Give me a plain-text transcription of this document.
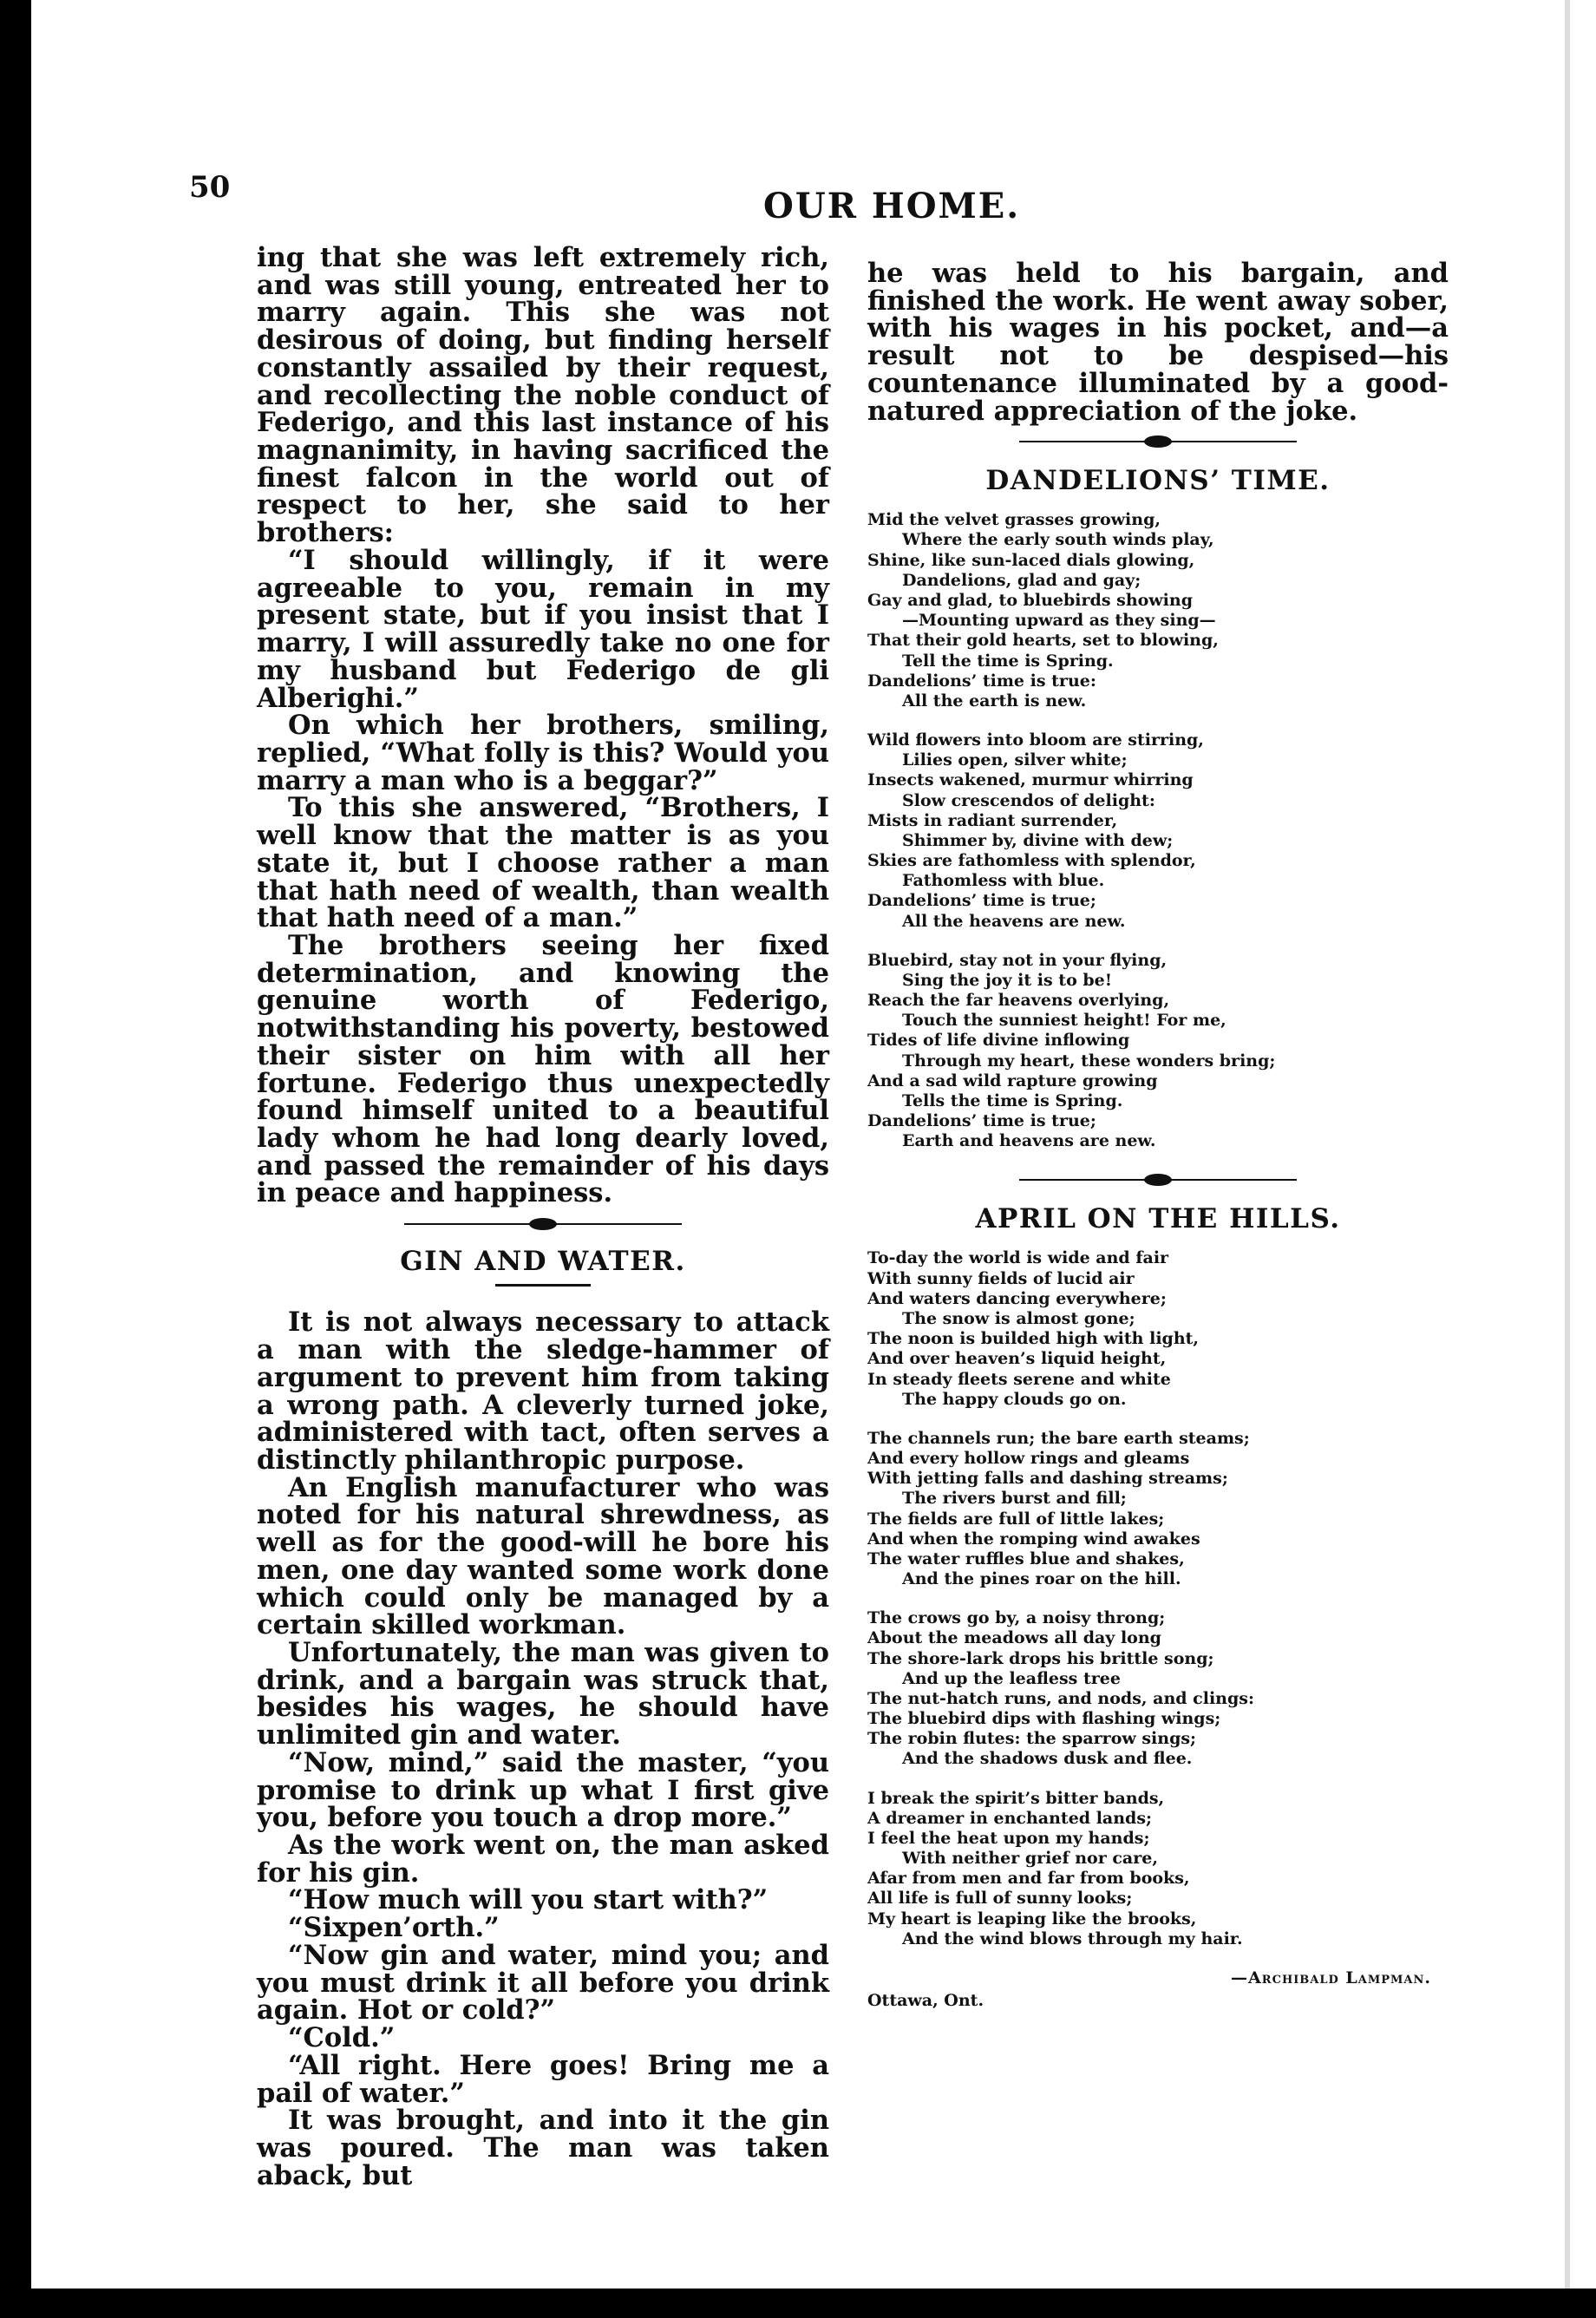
50	OUR HOME.

ing that she was left extremely rich, and was still young, entreated her to marry again. This she was not desirous of doing, but finding herself constantly assailed by their request, and recollecting the noble conduct of Federigo, and this last instance of his magnanimity, in having sacrificed the finest falcon in the world out of respect to her, she said to her brothers:

“I should willingly, if it were agreeable to you, remain in my present state, but if you insist that I marry, I will assuredly take no one for my husband but Federigo de gli Alberighi.”

On which her brothers, smiling, replied, “What folly is this? Would you marry a man who is a beggar?”

To this she answered, “Brothers, I well know that the matter is as you state it, but I choose rather a man that hath need of wealth, than wealth that hath need of a man.”

The brothers seeing her fixed determination, and knowing the genuine worth of Federigo, notwithstanding his poverty, bestowed their sister on him with all her fortune. Federigo thus unexpectedly found himself united to a beautiful lady whom he had long dearly loved, and passed the remainder of his days in peace and happiness.

GIN AND WATER.

It is not always necessary to attack a man with the sledge-hammer of argument to prevent him from taking a wrong path. A cleverly turned joke, administered with tact, often serves a distinctly philanthropic purpose.

An English manufacturer who was noted for his natural shrewdness, as well as for the good-will he bore his men, one day wanted some work done which could only be managed by a certain skilled workman.

Unfortunately, the man was given to drink, and a bargain was struck that, besides his wages, he should have unlimited gin and water.

“Now, mind,” said the master, “you promise to drink up what I first give you, before you touch a drop more.”

As the work went on, the man asked for his gin.

“How much will you start with?”

“Sixpen’orth.”

“Now gin and water, mind you; and you must drink it all before you drink again. Hot or cold?”

“Cold.”

“All right. Here goes! Bring me a pail of water.”

It was brought, and into it the gin was poured. The man was taken aback, but

he was held to his bargain, and finished the work. He went away sober, with his wages in his pocket, and—a result not to be despised—his countenance illuminated by a good-natured appreciation of the joke.

DANDELIONS’ TIME.
Mid the velvet grasses growing,
Where the early south winds play,
Shine, like sun-laced dials glowing,
Dandelions, glad and gay;
Gay and glad, to bluebirds showing
—Mounting upward as they sing—
That their gold hearts, set to blowing,
Tell the time is Spring.
Dandelions’ time is true:
All the earth is new.
Wild flowers into bloom are stirring,
Lilies open, silver white;
Insects wakened, murmur whirring
Slow crescendos of delight:
Mists in radiant surrender,
Shimmer by, divine with dew;
Skies are fathomless with splendor,
Fathomless with blue.
Dandelions’ time is true;
All the heavens are new.
Bluebird, stay not in your flying,
Sing the joy it is to be!
Reach the far heavens overlying,
Touch the sunniest height! For me,
Tides of life divine inflowing
Through my heart, these wonders bring;
And a sad wild rapture growing
Tells the time is Spring.
Dandelions’ time is true;
Earth and heavens are new.
APRIL ON THE HILLS.
To-day the world is wide and fair
With sunny fields of lucid air
And waters dancing everywhere;
The snow is almost gone;
The noon is builded high with light,
And over heaven’s liquid height,
In steady fleets serene and white
The happy clouds go on.
The channels run; the bare earth steams;
And every hollow rings and gleams
With jetting falls and dashing streams;
The rivers burst and fill;
The fields are full of little lakes;
And when the romping wind awakes
The water ruffles blue and shakes,
And the pines roar on the hill.
The crows go by, a noisy throng;
About the meadows all day long
The shore-lark drops his brittle song;
And up the leafless tree
The nut-hatch runs, and nods, and clings:
The bluebird dips with flashing wings;
The robin flutes: the sparrow sings;
And the shadows dusk and flee.
I break the spirit’s bitter bands,
A dreamer in enchanted lands;
I feel the heat upon my hands;
With neither grief nor care,
Afar from men and far from books,
All life is full of sunny looks;
My heart is leaping like the brooks,
And the wind blows through my hair.
—Archibald Lampman.
Ottawa, Ont.
